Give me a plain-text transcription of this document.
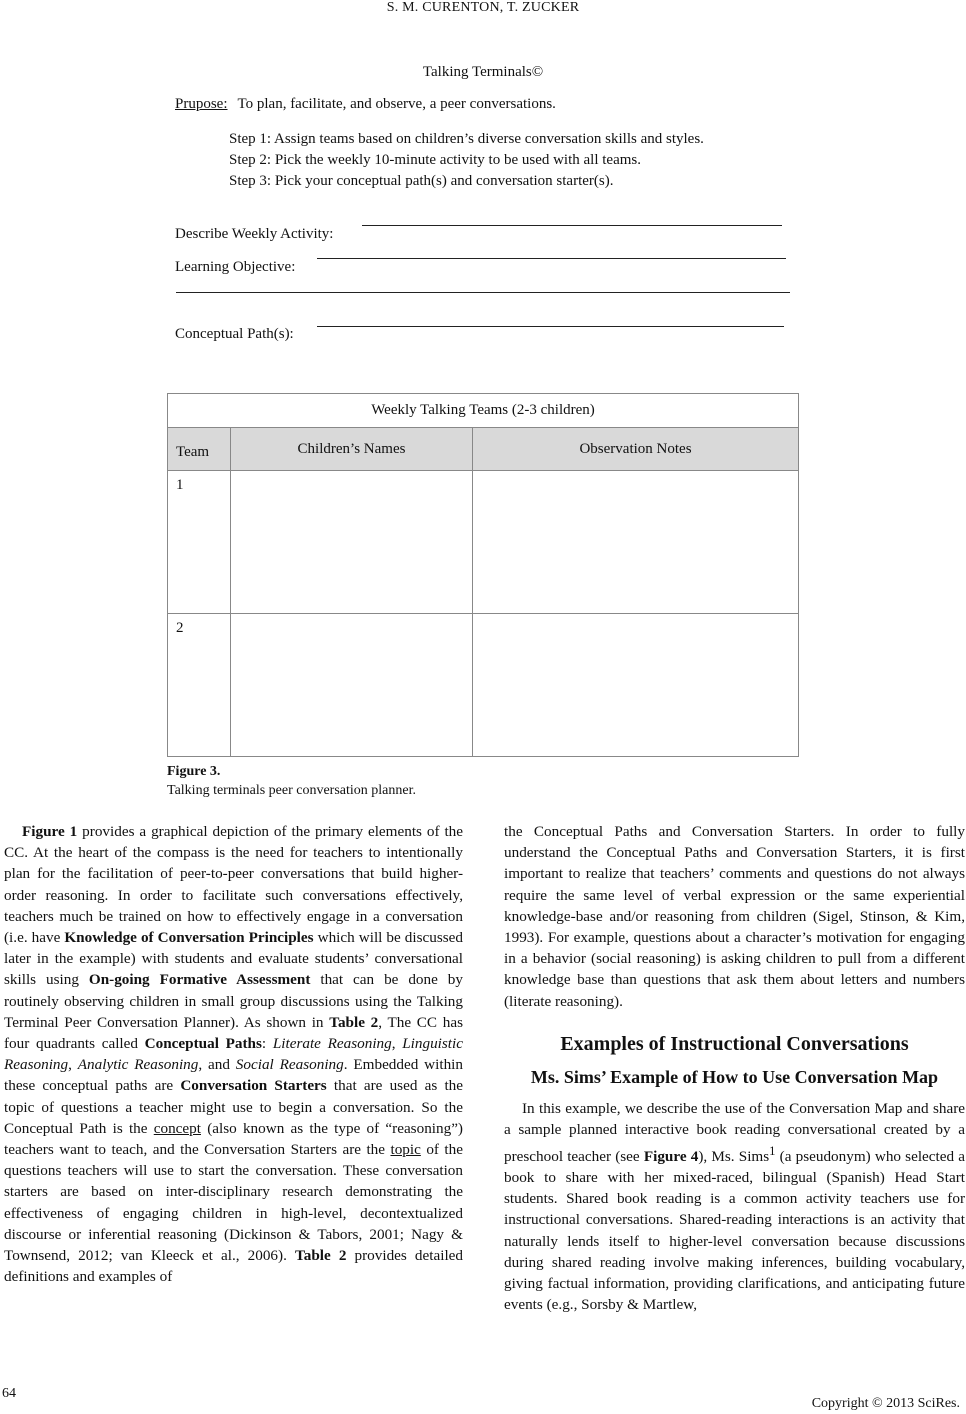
S. M. CURENTON, T. ZUCKER
Talking Terminals©
Prupose: To plan, facilitate, and observe, a peer conversations.
Step 1: Assign teams based on children’s diverse conversation skills and styles.
Step 2: Pick the weekly 10-minute activity to be used with all teams.
Step 3: Pick your conceptual path(s) and conversation starter(s).
Describe Weekly Activity:
Learning Objective:
Conceptual Path(s):
Weekly Talking Teams (2-3 children)		
Team	Children’s Names	Observation Notes
1		
2		
Figure 3.
Talking terminals peer conversation planner.

Figure 1 provides a graphical depiction of the primary elements of the CC. At the heart of the compass is the need for teachers to intentionally plan for the facilitation of peer-to-peer conversations that build higher-order reasoning. In order to facilitate such conversations effectively, teachers much be trained on how to effectively engage in a conversation (i.e. have Knowledge of Conversation Principles which will be discussed later in the example) with students and evaluate students’ conversational skills using On-going Formative Assessment that can be done by routinely observing children in small group discussions using the Talking Terminal Peer Conversation Planner). As shown in Table 2, The CC has four quadrants called Conceptual Paths: Literate Reasoning, Linguistic Reasoning, Analytic Reasoning, and Social Reasoning. Embedded within these conceptual paths are Conversation Starters that are used as the topic of questions a teacher might use to begin a conversation. So the Conceptual Path is the concept (also known as the type of “reasoning”) teachers want to teach, and the Conversation Starters are the topic of the questions teachers will use to start the conversation. These conversation starters are based on inter-disciplinary research demonstrating the effectiveness of engaging children in high-level, decontextualized discourse or inferential reasoning (Dickinson & Tabors, 2001; Nagy & Townsend, 2012; van Kleeck et al., 2006). Table 2 provides detailed definitions and examples of

the Conceptual Paths and Conversation Starters. In order to fully understand the Conceptual Paths and Conversation Starters, it is first important to realize that teachers’ comments and questions do not always require the same level of verbal expression or the same experiential knowledge-base and/or reasoning from children (Sigel, Stinson, & Kim, 1993). For example, questions about a character’s motivation for engaging in a behavior (social reasoning) is asking children to pull from a different knowledge base than questions that ask them about letters and numbers (literate reasoning).

Examples of Instructional Conversations
Ms. Sims’ Example of How to Use Conversation Map

In this example, we describe the use of the Conversation Map and share a sample planned interactive book reading conversational created by a preschool teacher (see Figure 4), Ms. Sims$^1$ (a pseudonym) who selected a book to share with her mixed-raced, bilingual (Spanish) Head Start students. Shared book reading is a common activity teachers use for instructional conversations. Shared-reading interactions is an activity that naturally lends itself to higher-level conversation because discussions during shared reading involve making inferences, building vocabulary, giving factual information, providing clarifications, and anticipating future events (e.g., Sorsby & Martlew,

64
Copyright © 2013 SciRes.
